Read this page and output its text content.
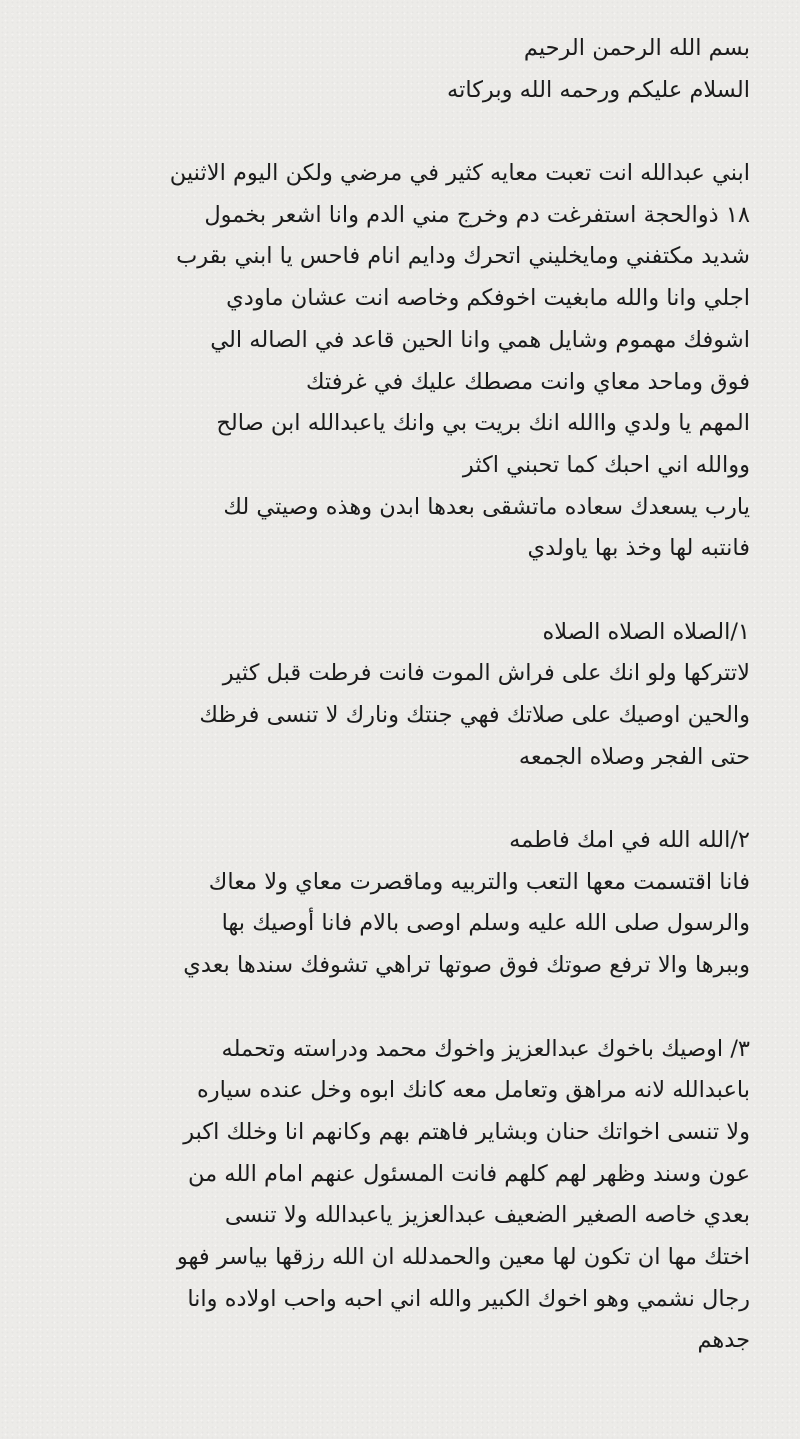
بسم الله الرحمن الرحيم
السلام عليكم ورحمه الله وبركاته
ابني عبدالله انت تعبت معايه كثير في مرضي ولكن اليوم الاثنين
١٨ ذوالحجة استفرغت دم وخرج مني الدم وانا اشعر بخمول
شديد مكتفني ومايخليني اتحرك ودايم انام فاحس يا ابني بقرب
اجلي وانا والله مابغيت اخوفكم وخاصه انت عشان ماودي
اشوفك مهموم وشايل همي وانا الحين قاعد في الصاله الي
فوق وماحد معاي وانت مصطك عليك في غرفتك
المهم يا ولدي واالله انك بريت بي وانك ياعبدالله ابن صالح
ووالله اني احبك كما تحبني اكثر
يارب يسعدك سعاده ماتشقى بعدها ابدن وهذه وصيتي لك
فانتبه لها وخذ بها ياولدي
١/الصلاه الصلاه الصلاه
لاتتركها ولو انك على فراش الموت فانت فرطت قبل كثير
والحين اوصيك على صلاتك فهي جنتك ونارك لا تنسى فرظك
حتى الفجر وصلاه الجمعه
٢/الله الله في امك فاطمه
فانا اقتسمت معها التعب والتربيه وماقصرت معاي ولا معاك
والرسول صلى الله عليه وسلم اوصى بالام فانا أوصيك بها
وببرها والا ترفع صوتك فوق صوتها تراهي تشوفك سندها بعدي
٣/ اوصيك باخوك عبدالعزيز واخوك محمد ودراسته وتحمله
باعبدالله لانه مراهق وتعامل معه كانك ابوه وخل عنده سياره
ولا تنسى اخواتك حنان وبشاير فاهتم بهم وكانهم انا وخلك اكبر
عون وسند وظهر لهم كلهم فانت المسئول عنهم امام الله من
بعدي خاصه الصغير الضعيف عبدالعزيز ياعبدالله ولا تنسى
اختك مها ان تكون لها معين والحمدلله ان الله رزقها بياسر فهو
رجال نشمي وهو اخوك الكبير والله اني احبه واحب اولاده وانا
جدهم
